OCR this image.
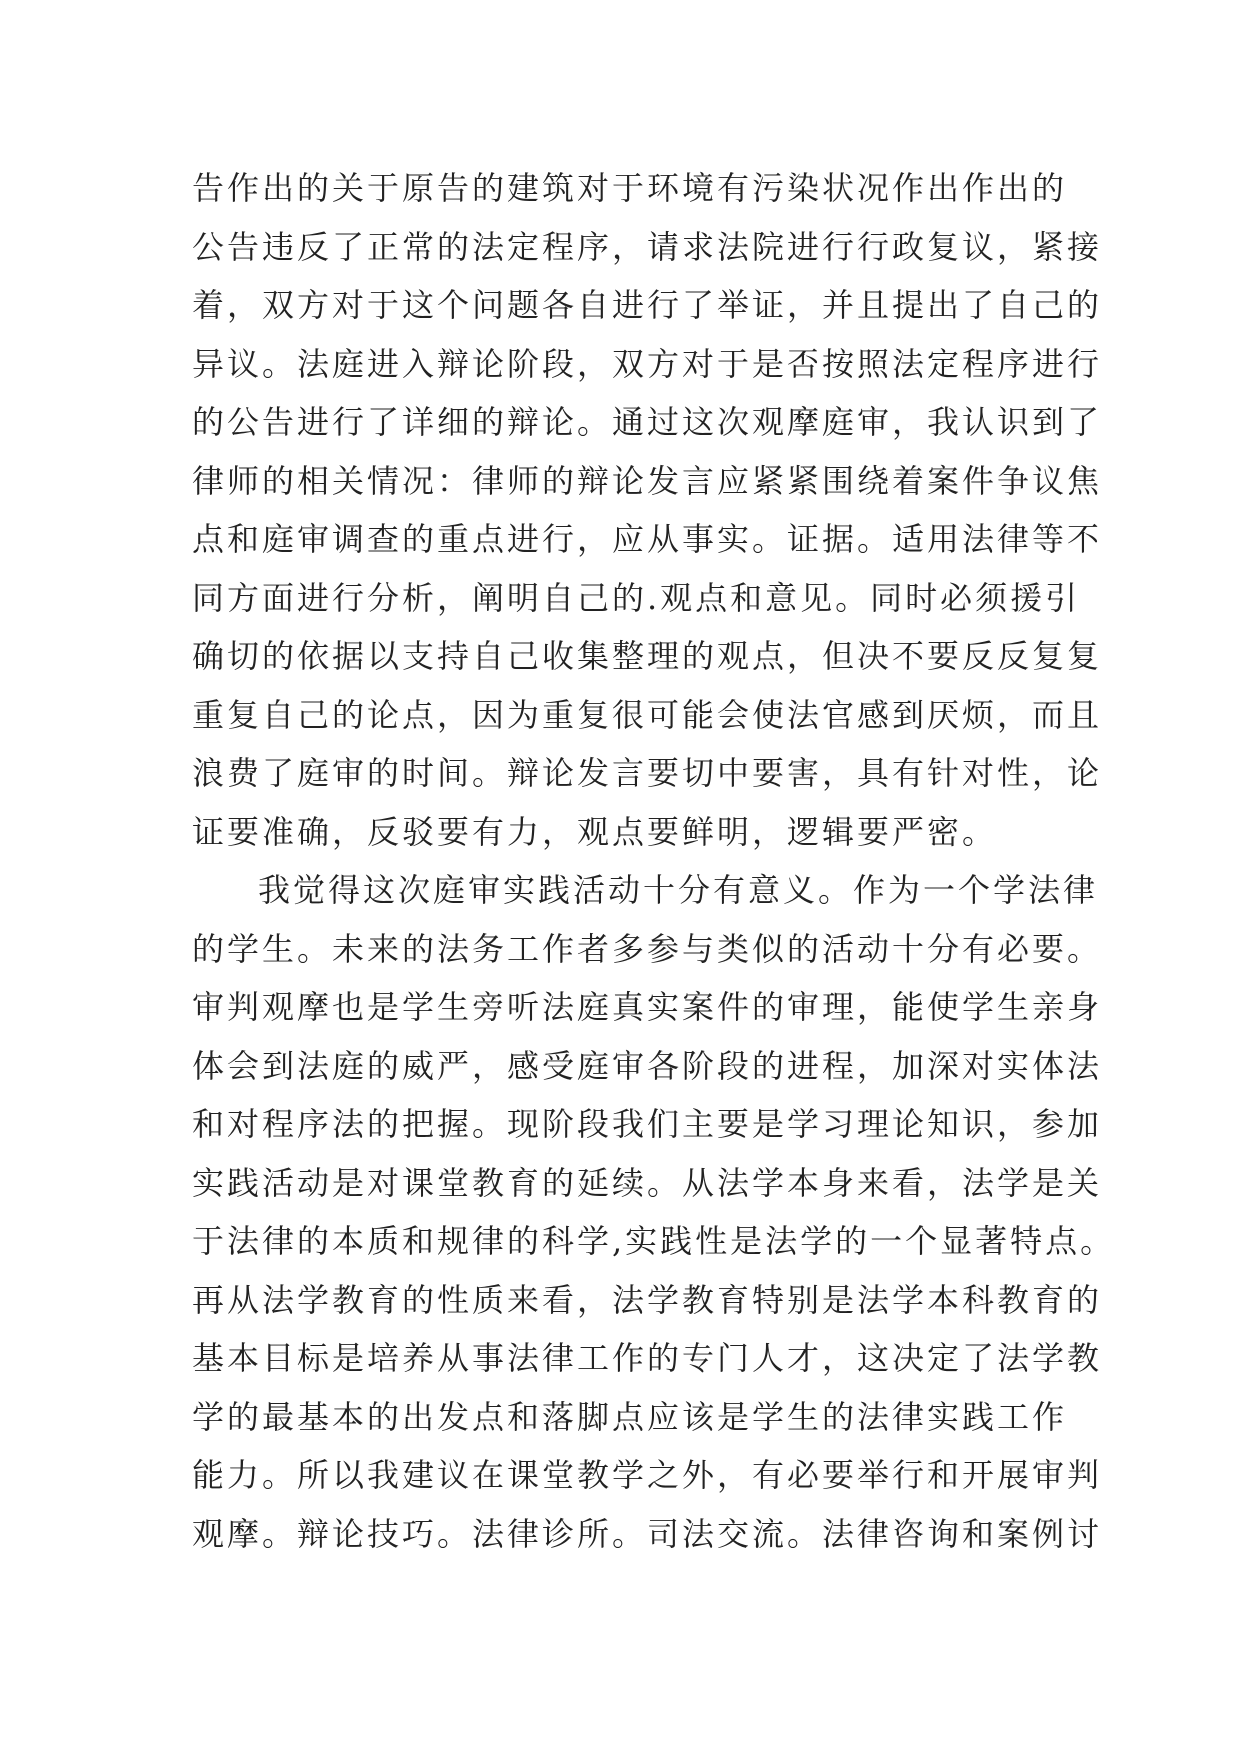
告作出的关于原告的建筑对于环境有污染状况作出作出的
公告违反了正常的法定程序，请求法院进行行政复议，紧接
着，双方对于这个问题各自进行了举证，并且提出了自己的
异议。法庭进入辩论阶段，双方对于是否按照法定程序进行
的公告进行了详细的辩论。通过这次观摩庭审，我认识到了
律师的相关情况：律师的辩论发言应紧紧围绕着案件争议焦
点和庭审调查的重点进行，应从事实。证据。适用法律等不
同方面进行分析，阐明自己的.观点和意见。同时必须援引
确切的依据以支持自己收集整理的观点，但决不要反反复复
重复自己的论点，因为重复很可能会使法官感到厌烦，而且
浪费了庭审的时间。辩论发言要切中要害，具有针对性，论
证要准确，反驳要有力，观点要鲜明，逻辑要严密。
我觉得这次庭审实践活动十分有意义。作为一个学法律
的学生。未来的法务工作者多参与类似的活动十分有必要。
审判观摩也是学生旁听法庭真实案件的审理，能使学生亲身
体会到法庭的威严，感受庭审各阶段的进程，加深对实体法
和对程序法的把握。现阶段我们主要是学习理论知识，参加
实践活动是对课堂教育的延续。从法学本身来看，法学是关
于法律的本质和规律的科学,实践性是法学的一个显著特点。
再从法学教育的性质来看，法学教育特别是法学本科教育的
基本目标是培养从事法律工作的专门人才，这决定了法学教
学的最基本的出发点和落脚点应该是学生的法律实践工作
能力。所以我建议在课堂教学之外，有必要举行和开展审判
观摩。辩论技巧。法律诊所。司法交流。法律咨询和案例讨
